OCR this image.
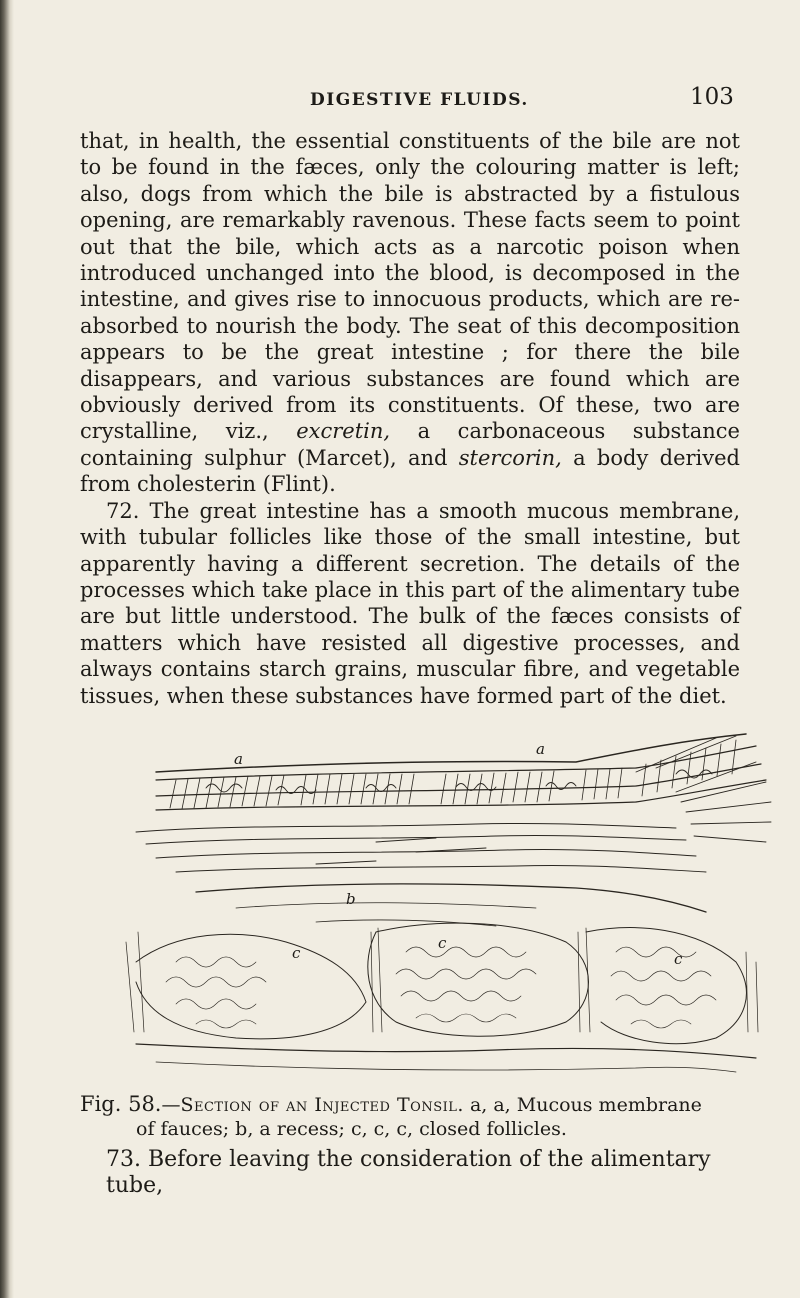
DIGESTIVE FLUIDS.	103

that, in health, the essential constituents of the bile are not to be found in the fæces, only the colouring matter is left; also, dogs from which the bile is abstracted by a fistulous opening, are remarkably ravenous. These facts seem to point out that the bile, which acts as a narcotic poison when introduced unchanged into the blood, is decomposed in the intestine, and gives rise to innocuous products, which are re-absorbed to nourish the body. The seat of this decomposition appears to be the great intestine ; for there the bile disappears, and various substances are found which are obviously derived from its constituents. Of these, two are crystalline, viz., excretin, a carbonaceous substance containing sulphur (Marcet), and stercorin, a body derived from cholesterin (Flint).

72. The great intestine has a smooth mucous membrane, with tubular follicles like those of the small intestine, but apparently having a different secretion. The details of the processes which take place in this part of the alimentary tube are but little understood. The bulk of the fæces consists of matters which have resisted all digestive processes, and always contains starch grains, muscular fibre, and vegetable tissues, when these substances have formed part of the diet.

a
a
b
c
c	c
Fig. 58.—Section of an Injected Tonsil. a, a, Mucous membrane
of fauces; b, a recess; c, c, c, closed follicles.
73. Before leaving the consideration of the alimentary tube,
